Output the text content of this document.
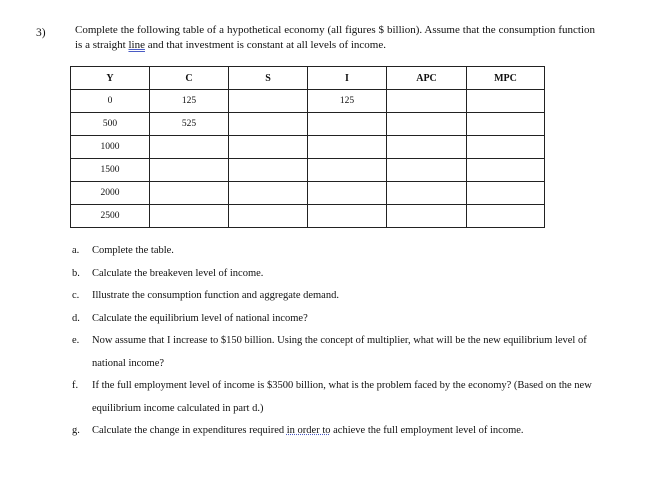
3)	Complete the following table of a hypothetical economy (all figures $ billion). Assume that the consumption function is a straight line and that investment is constant at all levels of income.
Y	C	S	I	APC	MPC
0	125		125		
500	525				
1000					
1500					
2000					
2500					
a. Complete the table.
b. Calculate the breakeven level of income.
c. Illustrate the consumption function and aggregate demand.
d. Calculate the equilibrium level of national income?
e. Now assume that I increase to $150 billion. Using the concept of multiplier, what will be the new equilibrium level of national income?
f. If the full employment level of income is $3500 billion, what is the problem faced by the economy? (Based on the new equilibrium income calculated in part d.)
g. Calculate the change in expenditures required in order to achieve the full employment level of income.
